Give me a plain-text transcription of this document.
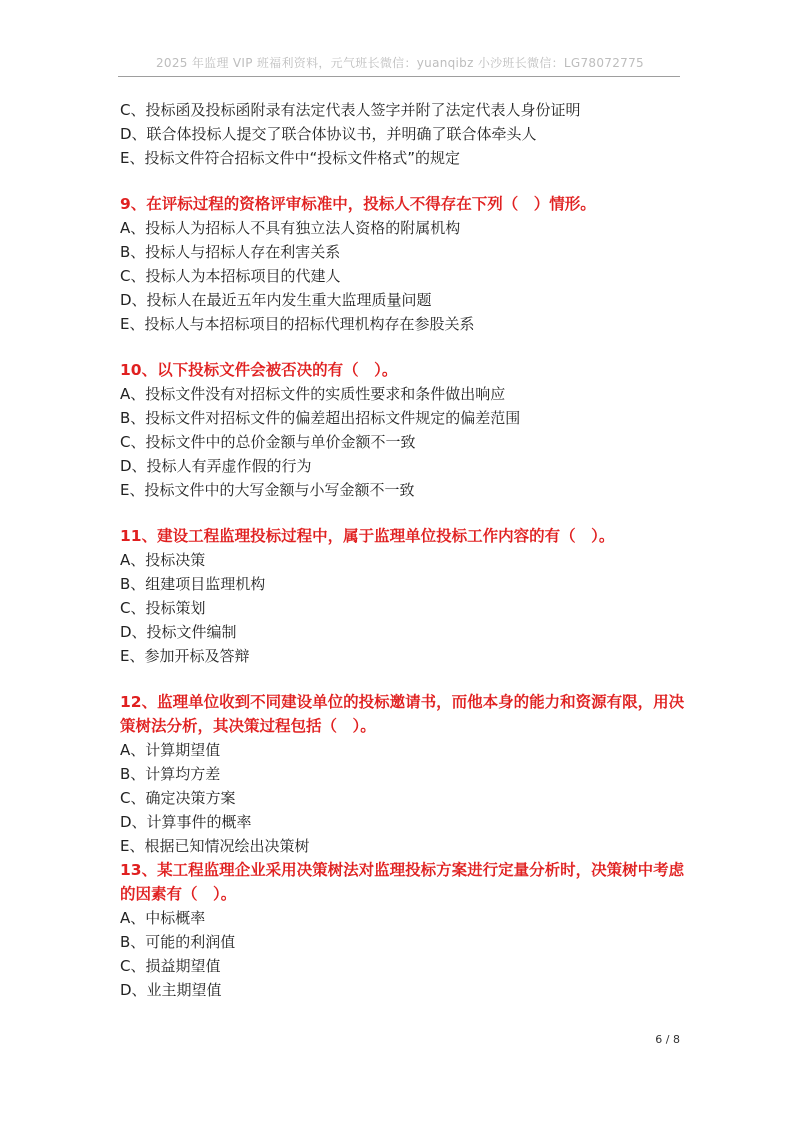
2025 年监理 VIP 班福利资料，元气班长微信：yuanqibz 小沙班长微信：LG78072775
C、投标函及投标函附录有法定代表人签字并附了法定代表人身份证明
D、联合体投标人提交了联合体协议书，并明确了联合体牵头人
E、投标文件符合招标文件中“投标文件格式”的规定
9、在评标过程的资格评审标准中，投标人不得存在下列（　）情形。
A、投标人为招标人不具有独立法人资格的附属机构
B、投标人与招标人存在利害关系
C、投标人为本招标项目的代建人
D、投标人在最近五年内发生重大监理质量问题
E、投标人与本招标项目的招标代理机构存在参股关系
10、以下投标文件会被否决的有（　）。
A、投标文件没有对招标文件的实质性要求和条件做出响应
B、投标文件对招标文件的偏差超出招标文件规定的偏差范围
C、投标文件中的总价金额与单价金额不一致
D、投标人有弄虚作假的行为
E、投标文件中的大写金额与小写金额不一致
11、建设工程监理投标过程中，属于监理单位投标工作内容的有（　）。
A、投标决策
B、组建项目监理机构
C、投标策划
D、投标文件编制
E、参加开标及答辩
12、监理单位收到不同建设单位的投标邀请书，而他本身的能力和资源有限，用决策树法分析，其决策过程包括（　）。
A、计算期望值
B、计算均方差
C、确定决策方案
D、计算事件的概率
E、根据已知情况绘出决策树
13、某工程监理企业采用决策树法对监理投标方案进行定量分析时，决策树中考虑的因素有（　）。
A、中标概率
B、可能的利润值
C、损益期望值
D、业主期望值
6 / 8
